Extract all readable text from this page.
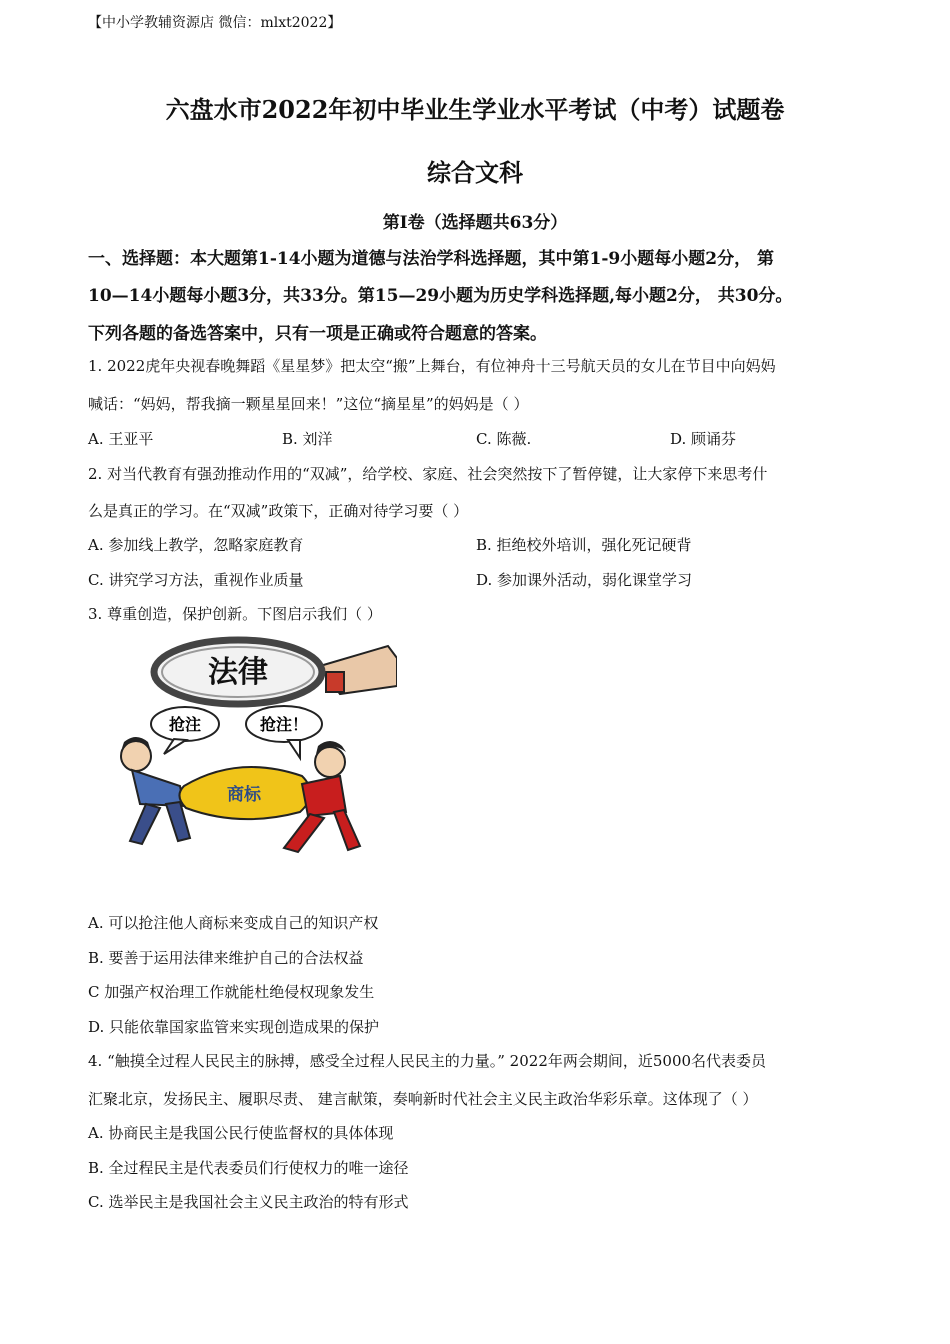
【中小学教辅资源店 微信：mlxt2022】
六盘水市2022年初中毕业生学业水平考试（中考）试题卷
综合文科
第Ⅰ卷（选择题共63分）
一、选择题：本大题第1-14小题为道德与法治学科选择题，其中第1-9小题每小题2分， 第
10—14小题每小题3分，共33分。第15—29小题为历史学科选择题,每小题2分， 共30分。
下列各题的备选答案中，只有一项是正确或符合题意的答案。
1. 2022虎年央视春晚舞蹈《星星梦》把太空“搬”上舞台，有位神舟十三号航天员的女儿在节目中向妈妈
喊话：“妈妈，帮我摘一颗星星回来！”这位“摘星星”的妈妈是（ ）
A. 王亚平	B. 刘洋	C. 陈薇.	D. 顾诵芬
2. 对当代教育有强劲推动作用的“双减”，给学校、家庭、社会突然按下了暂停键，让大家停下来思考什
么是真正的学习。在“双减”政策下，正确对待学习要（ ）
A. 参加线上教学，忽略家庭教育	B. 拒绝校外培训，强化死记硬背
C. 讲究学习方法，重视作业质量	D. 参加课外活动，弱化课堂学习
3. 尊重创造，保护创新。下图启示我们（ ）
法律
抢注	抢注！
商标
A. 可以抢注他人商标来变成自己的知识产权
B. 要善于运用法律来维护自己的合法权益
C 加强产权治理工作就能杜绝侵权现象发生
D. 只能依靠国家监管来实现创造成果的保护
4. “触摸全过程人民民主的脉搏，感受全过程人民民主的力量。” 2022年两会期间，近5000名代表委员
汇聚北京，发扬民主、履职尽责、 建言献策，奏响新时代社会主义民主政治华彩乐章。这体现了（ ）
A. 协商民主是我国公民行使监督权的具体体现
B. 全过程民主是代表委员们行使权力的唯一途径
C. 选举民主是我国社会主义民主政治的特有形式
